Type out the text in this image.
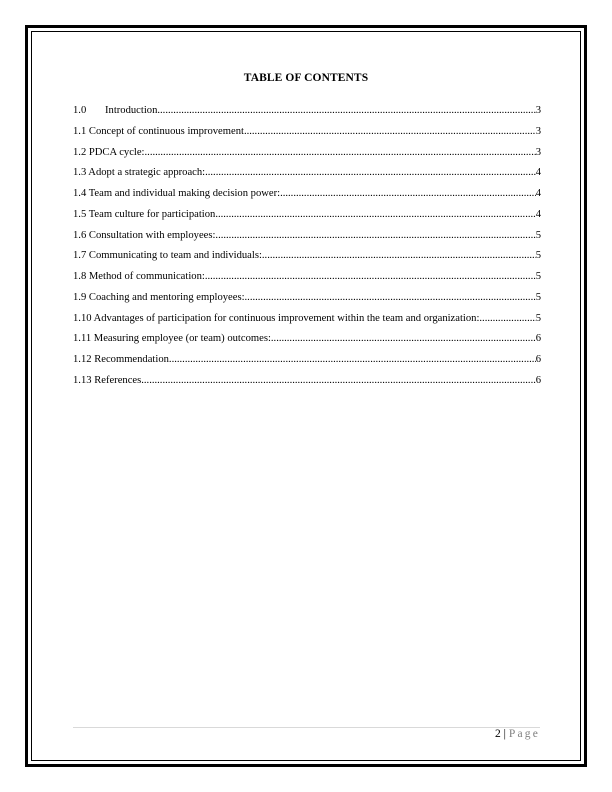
TABLE OF CONTENTS
1.0 Introduction .....	3
1.1 Concept of continuous improvement .....	3
1.2 PDCA cycle: .....	3
1.3 Adopt a strategic approach: .....	4
1.4 Team and individual making decision power: .....	4
1.5 Team culture for participation .....	4
1.6 Consultation with employees: .....	5
1.7 Communicating to team and individuals: .....	5
1.8 Method of communication: .....	5
1.9 Coaching and mentoring employees: .....	5
1.10 Advantages of participation for continuous improvement within the team and organization: .....	5
1.11 Measuring employee (or team) outcomes: .....	6
1.12 Recommendation .....	6
1.13 References .....	6
2 | Page
